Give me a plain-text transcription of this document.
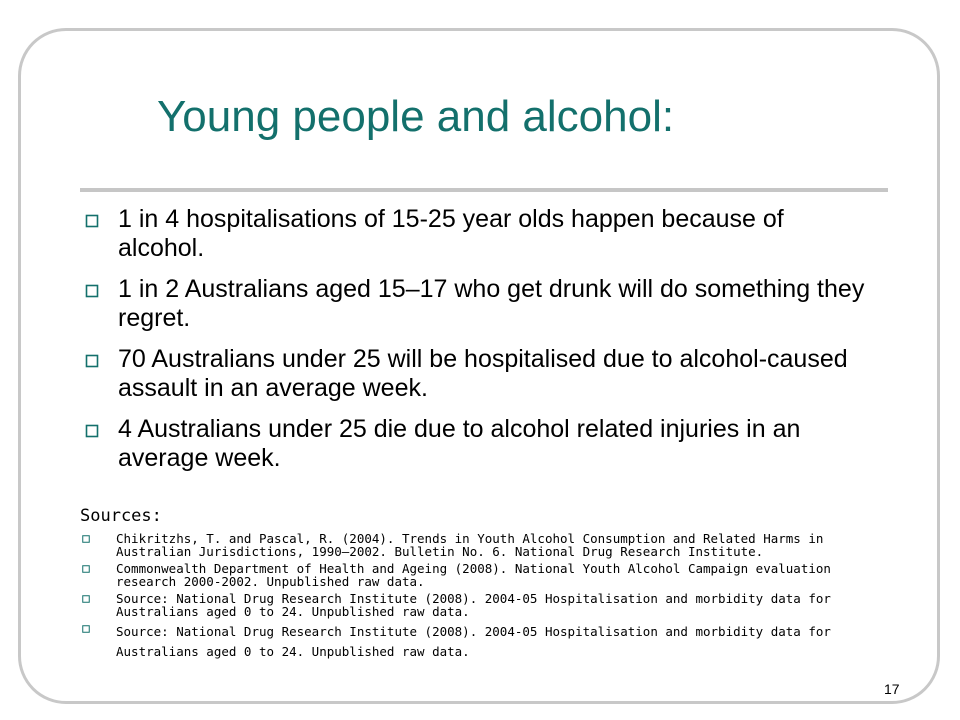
Young people and alcohol:
1 in 4 hospitalisations of 15-25 year olds happen because of alcohol.
1 in 2 Australians aged 15–17 who get drunk will do something they regret.
70 Australians under 25 will be hospitalised due to alcohol-caused assault in an average week.
4 Australians under 25 die due to alcohol related injuries in an average week.
Sources:
Chikritzhs, T. and Pascal, R. (2004). Trends in Youth Alcohol Consumption and Related Harms in Australian Jurisdictions, 1990–2002. Bulletin No. 6. National Drug Research Institute.
Commonwealth Department of Health and Ageing (2008). National Youth Alcohol Campaign evaluation research 2000-2002. Unpublished raw data.
Source: National Drug Research Institute (2008). 2004-05 Hospitalisation and morbidity data for Australians aged 0 to 24. Unpublished raw data.
Source: National Drug Research Institute (2008). 2004-05 Hospitalisation and morbidity data for Australians aged 0 to 24. Unpublished raw data.
17
